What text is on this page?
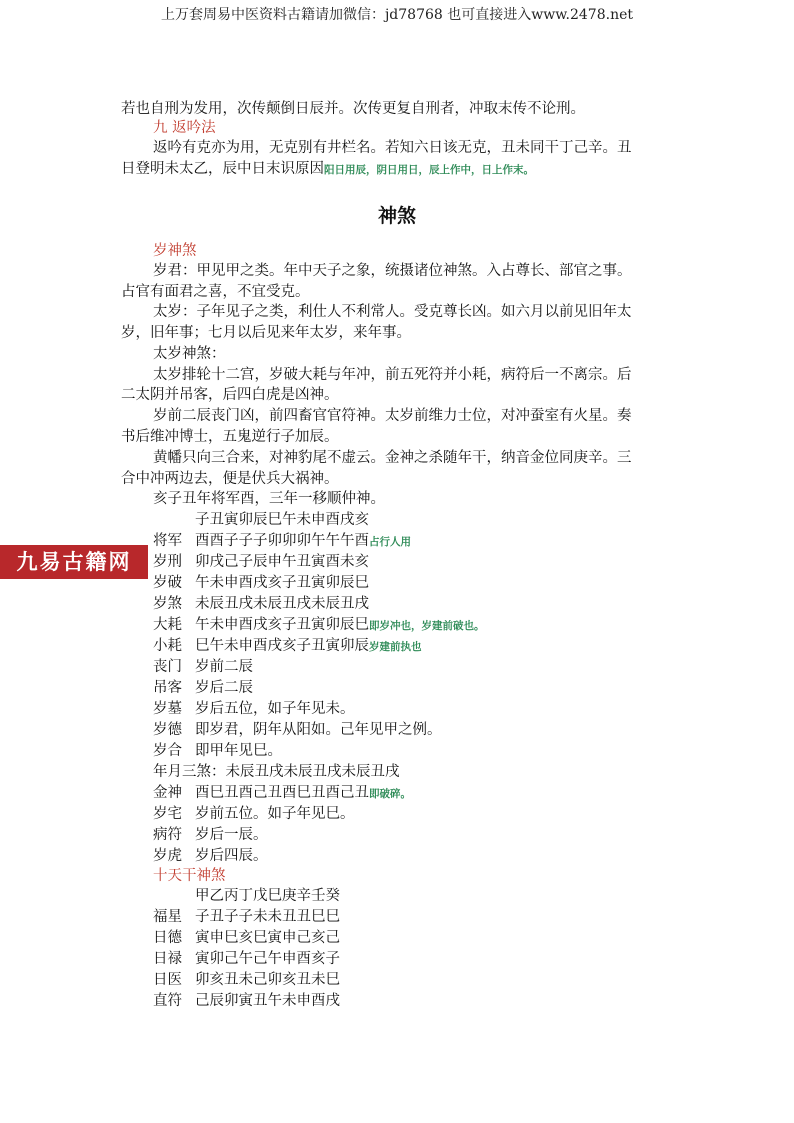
上万套周易中医资料古籍请加微信：jd78768 也可直接进入www.2478.net
若也自刑为发用，次传颠倒日辰并。次传更复自刑者，冲取末传不论刑。
九 返吟法
返吟有克亦为用，无克别有井栏名。若知六日该无克，丑未同干丁己辛。丑
日登明未太乙，辰中日末识原因阳日用辰，阴日用日，辰上作中，日上作末。
神煞
岁神煞
岁君：甲见甲之类。年中天子之象，统摄诸位神煞。入占尊长、部官之事。
占官有面君之喜，不宜受克。
太岁：子年见子之类，利仕人不利常人。受克尊长凶。如六月以前见旧年太
岁，旧年事；七月以后见来年太岁，来年事。
太岁神煞：
太岁排轮十二宫，岁破大耗与年冲，前五死符并小耗，病符后一不离宗。后
二太阴并吊客，后四白虎是凶神。
岁前二辰丧门凶，前四畜官官符神。太岁前维力士位，对冲蚕室有火星。奏
书后维冲博士，五鬼逆行子加辰。
黄幡只向三合来，对神豹尾不虚云。金神之杀随年干，纳音金位同庚辛。三
合中冲两边去，便是伏兵大祸神。
亥子丑年将军酉，三年一移顺仲神。
子丑寅卯辰巳午未申酉戌亥
九易古籍网
将军 酉酉子子子卯卯卯午午午酉占行人用
岁刑 卯戌己子辰申午丑寅酉未亥
岁破 午未申酉戌亥子丑寅卯辰巳
岁煞 未辰丑戌未辰丑戌未辰丑戌
大耗 午未申酉戌亥子丑寅卯辰巳即岁冲也，岁建前破也。
小耗 巳午未申酉戌亥子丑寅卯辰岁建前执也
丧门 岁前二辰
吊客 岁后二辰
岁墓 岁后五位，如子年见未。
岁德 即岁君，阴年从阳如。己年见甲之例。
岁合 即甲年见巳。
年月三煞：未辰丑戌未辰丑戌未辰丑戌
金神 酉巳丑酉己丑酉巳丑酉己丑即破碎。
岁宅 岁前五位。如子年见巳。
病符 岁后一辰。
岁虎 岁后四辰。
十天干神煞
甲乙丙丁戊巳庚辛壬癸
福星 子丑子子未未丑丑巳巳
日德 寅申巳亥巳寅申己亥己
日禄 寅卯己午己午申酉亥子
日医 卯亥丑未己卯亥丑未巳
直符 己辰卯寅丑午未申酉戌
